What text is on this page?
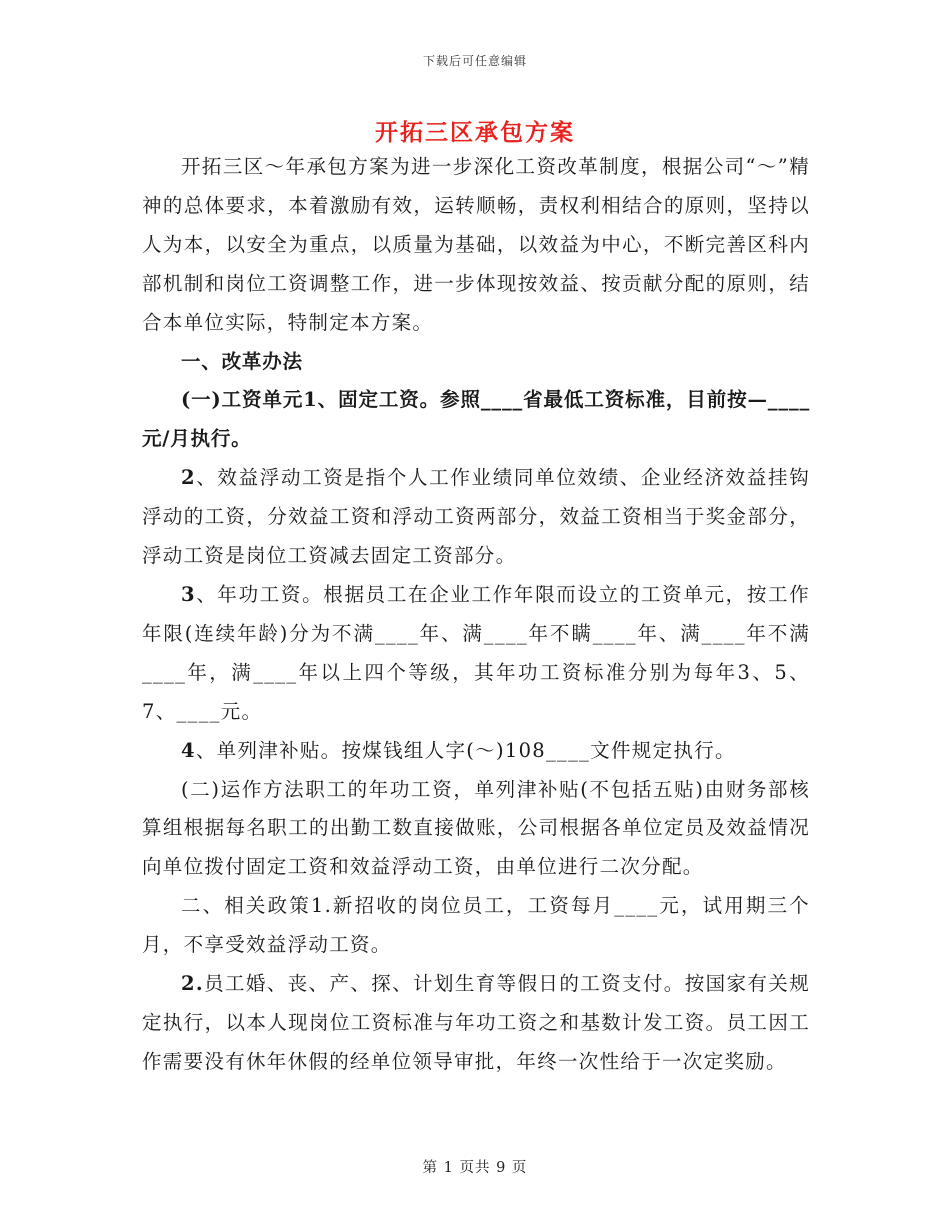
下载后可任意编辑
开拓三区承包方案

开拓三区～年承包方案为进一步深化工资改革制度，根据公司“～”精神的总体要求，本着激励有效，运转顺畅，责权利相结合的原则，坚持以人为本，以安全为重点，以质量为基础，以效益为中心，不断完善区科内部机制和岗位工资调整工作，进一步体现按效益、按贡献分配的原则，结合本单位实际，特制定本方案。

一、改革办法

(一)工资单元1、固定工资。参照____省最低工资标准，目前按—____元/月执行。

2、效益浮动工资是指个人工作业绩同单位效绩、企业经济效益挂钩浮动的工资，分效益工资和浮动工资两部分，效益工资相当于奖金部分，浮动工资是岗位工资减去固定工资部分。

3、年功工资。根据员工在企业工作年限而设立的工资单元，按工作年限(连续年龄)分为不满____年、满____年不瞒____年、满____年不满____年，满____年以上四个等级，其年功工资标准分别为每年3、5、7、____元。

4、单列津补贴。按煤钱组人字(～)108____文件规定执行。

(二)运作方法职工的年功工资，单列津补贴(不包括五贴)由财务部核算组根据每名职工的出勤工数直接做账，公司根据各单位定员及效益情况向单位拨付固定工资和效益浮动工资，由单位进行二次分配。

二、相关政策1.新招收的岗位员工，工资每月____元，试用期三个月，不享受效益浮动工资。

2.员工婚、丧、产、探、计划生育等假日的工资支付。按国家有关规定执行，以本人现岗位工资标准与年功工资之和基数计发工资。员工因工作需要没有休年休假的经单位领导审批，年终一次性给于一次定奖励。

第 1 页共 9 页
